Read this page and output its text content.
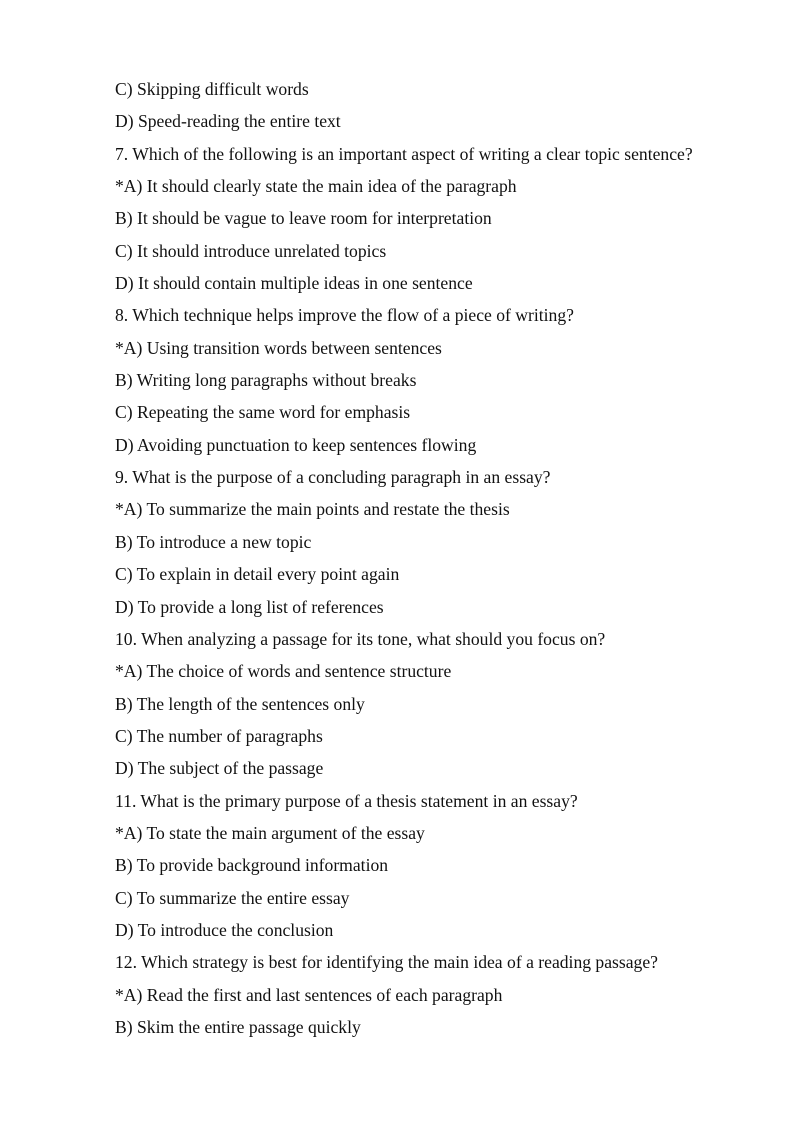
C) Skipping difficult words
D) Speed-reading the entire text
7. Which of the following is an important aspect of writing a clear topic sentence?
*A) It should clearly state the main idea of the paragraph
B) It should be vague to leave room for interpretation
C) It should introduce unrelated topics
D) It should contain multiple ideas in one sentence
8. Which technique helps improve the flow of a piece of writing?
*A) Using transition words between sentences
B) Writing long paragraphs without breaks
C) Repeating the same word for emphasis
D) Avoiding punctuation to keep sentences flowing
9. What is the purpose of a concluding paragraph in an essay?
*A) To summarize the main points and restate the thesis
B) To introduce a new topic
C) To explain in detail every point again
D) To provide a long list of references
10. When analyzing a passage for its tone, what should you focus on?
*A) The choice of words and sentence structure
B) The length of the sentences only
C) The number of paragraphs
D) The subject of the passage
11. What is the primary purpose of a thesis statement in an essay?
*A) To state the main argument of the essay
B) To provide background information
C) To summarize the entire essay
D) To introduce the conclusion
12. Which strategy is best for identifying the main idea of a reading passage?
*A) Read the first and last sentences of each paragraph
B) Skim the entire passage quickly
